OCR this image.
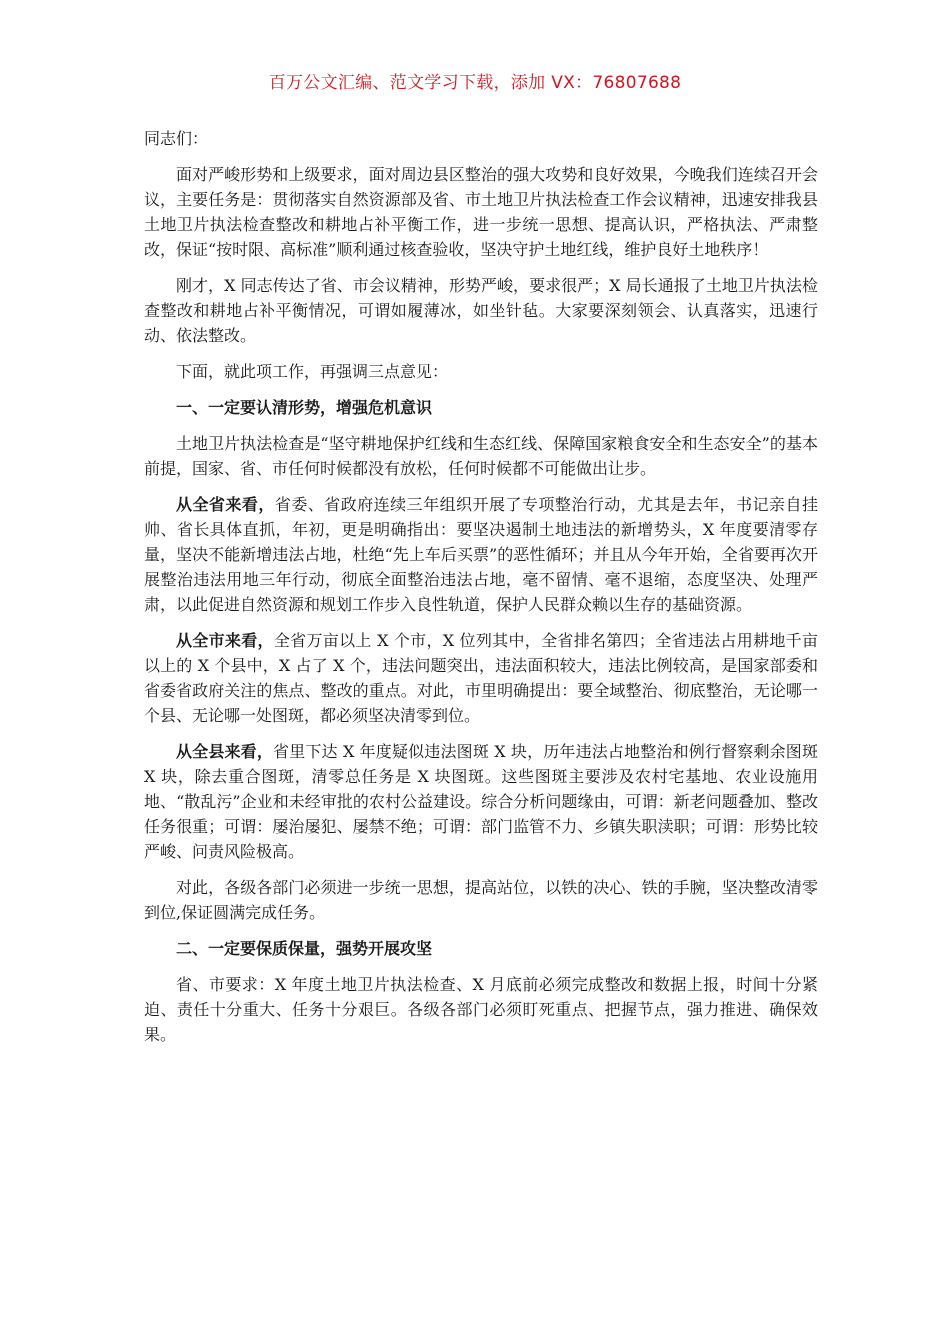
百万公文汇编、范文学习下载，添加 VX：76807688

同志们：

面对严峻形势和上级要求，面对周边县区整治的强大攻势和良好效果，今晚我们连续召开会议，主要任务是：贯彻落实自然资源部及省、市土地卫片执法检查工作会议精神，迅速安排我县土地卫片执法检查整改和耕地占补平衡工作，进一步统一思想、提高认识，严格执法、严肃整改，保证“按时限、高标准”顺利通过核查验收，坚决守护土地红线，维护良好土地秩序！

刚才，X 同志传达了省、市会议精神，形势严峻，要求很严；X 局长通报了土地卫片执法检查整改和耕地占补平衡情况，可谓如履薄冰，如坐针毡。大家要深刻领会、认真落实，迅速行动、依法整改。

下面，就此项工作，再强调三点意见：

一、一定要认清形势，增强危机意识

土地卫片执法检查是“坚守耕地保护红线和生态红线、保障国家粮食安全和生态安全”的基本前提，国家、省、市任何时候都没有放松，任何时候都不可能做出让步。

从全省来看，省委、省政府连续三年组织开展了专项整治行动，尤其是去年，书记亲自挂帅、省长具体直抓，年初，更是明确指出：要坚决遏制土地违法的新增势头，X 年度要清零存量，坚决不能新增违法占地，杜绝“先上车后买票”的恶性循环；并且从今年开始，全省要再次开展整治违法用地三年行动，彻底全面整治违法占地，毫不留情、毫不退缩，态度坚决、处理严肃，以此促进自然资源和规划工作步入良性轨道，保护人民群众赖以生存的基础资源。

从全市来看，全省万亩以上 X 个市，X 位列其中，全省排名第四；全省违法占用耕地千亩以上的 X 个县中，X 占了 X 个，违法问题突出，违法面积较大，违法比例较高，是国家部委和省委省政府关注的焦点、整改的重点。对此，市里明确提出：要全域整治、彻底整治，无论哪一个县、无论哪一处图斑，都必须坚决清零到位。

从全县来看，省里下达 X 年度疑似违法图斑 X 块，历年违法占地整治和例行督察剩余图斑 X 块，除去重合图斑，清零总任务是 X 块图斑。这些图斑主要涉及农村宅基地、农业设施用地、“散乱污”企业和未经审批的农村公益建设。综合分析问题缘由，可谓：新老问题叠加、整改任务很重；可谓：屡治屡犯、屡禁不绝；可谓：部门监管不力、乡镇失职渎职；可谓：形势比较严峻、问责风险极高。

对此，各级各部门必须进一步统一思想，提高站位，以铁的决心、铁的手腕，坚决整改清零到位,保证圆满完成任务。

二、一定要保质保量，强势开展攻坚

省、市要求：X 年度土地卫片执法检查、X 月底前必须完成整改和数据上报，时间十分紧迫、责任十分重大、任务十分艰巨。各级各部门必须盯死重点、把握节点，强力推进、确保效果。
